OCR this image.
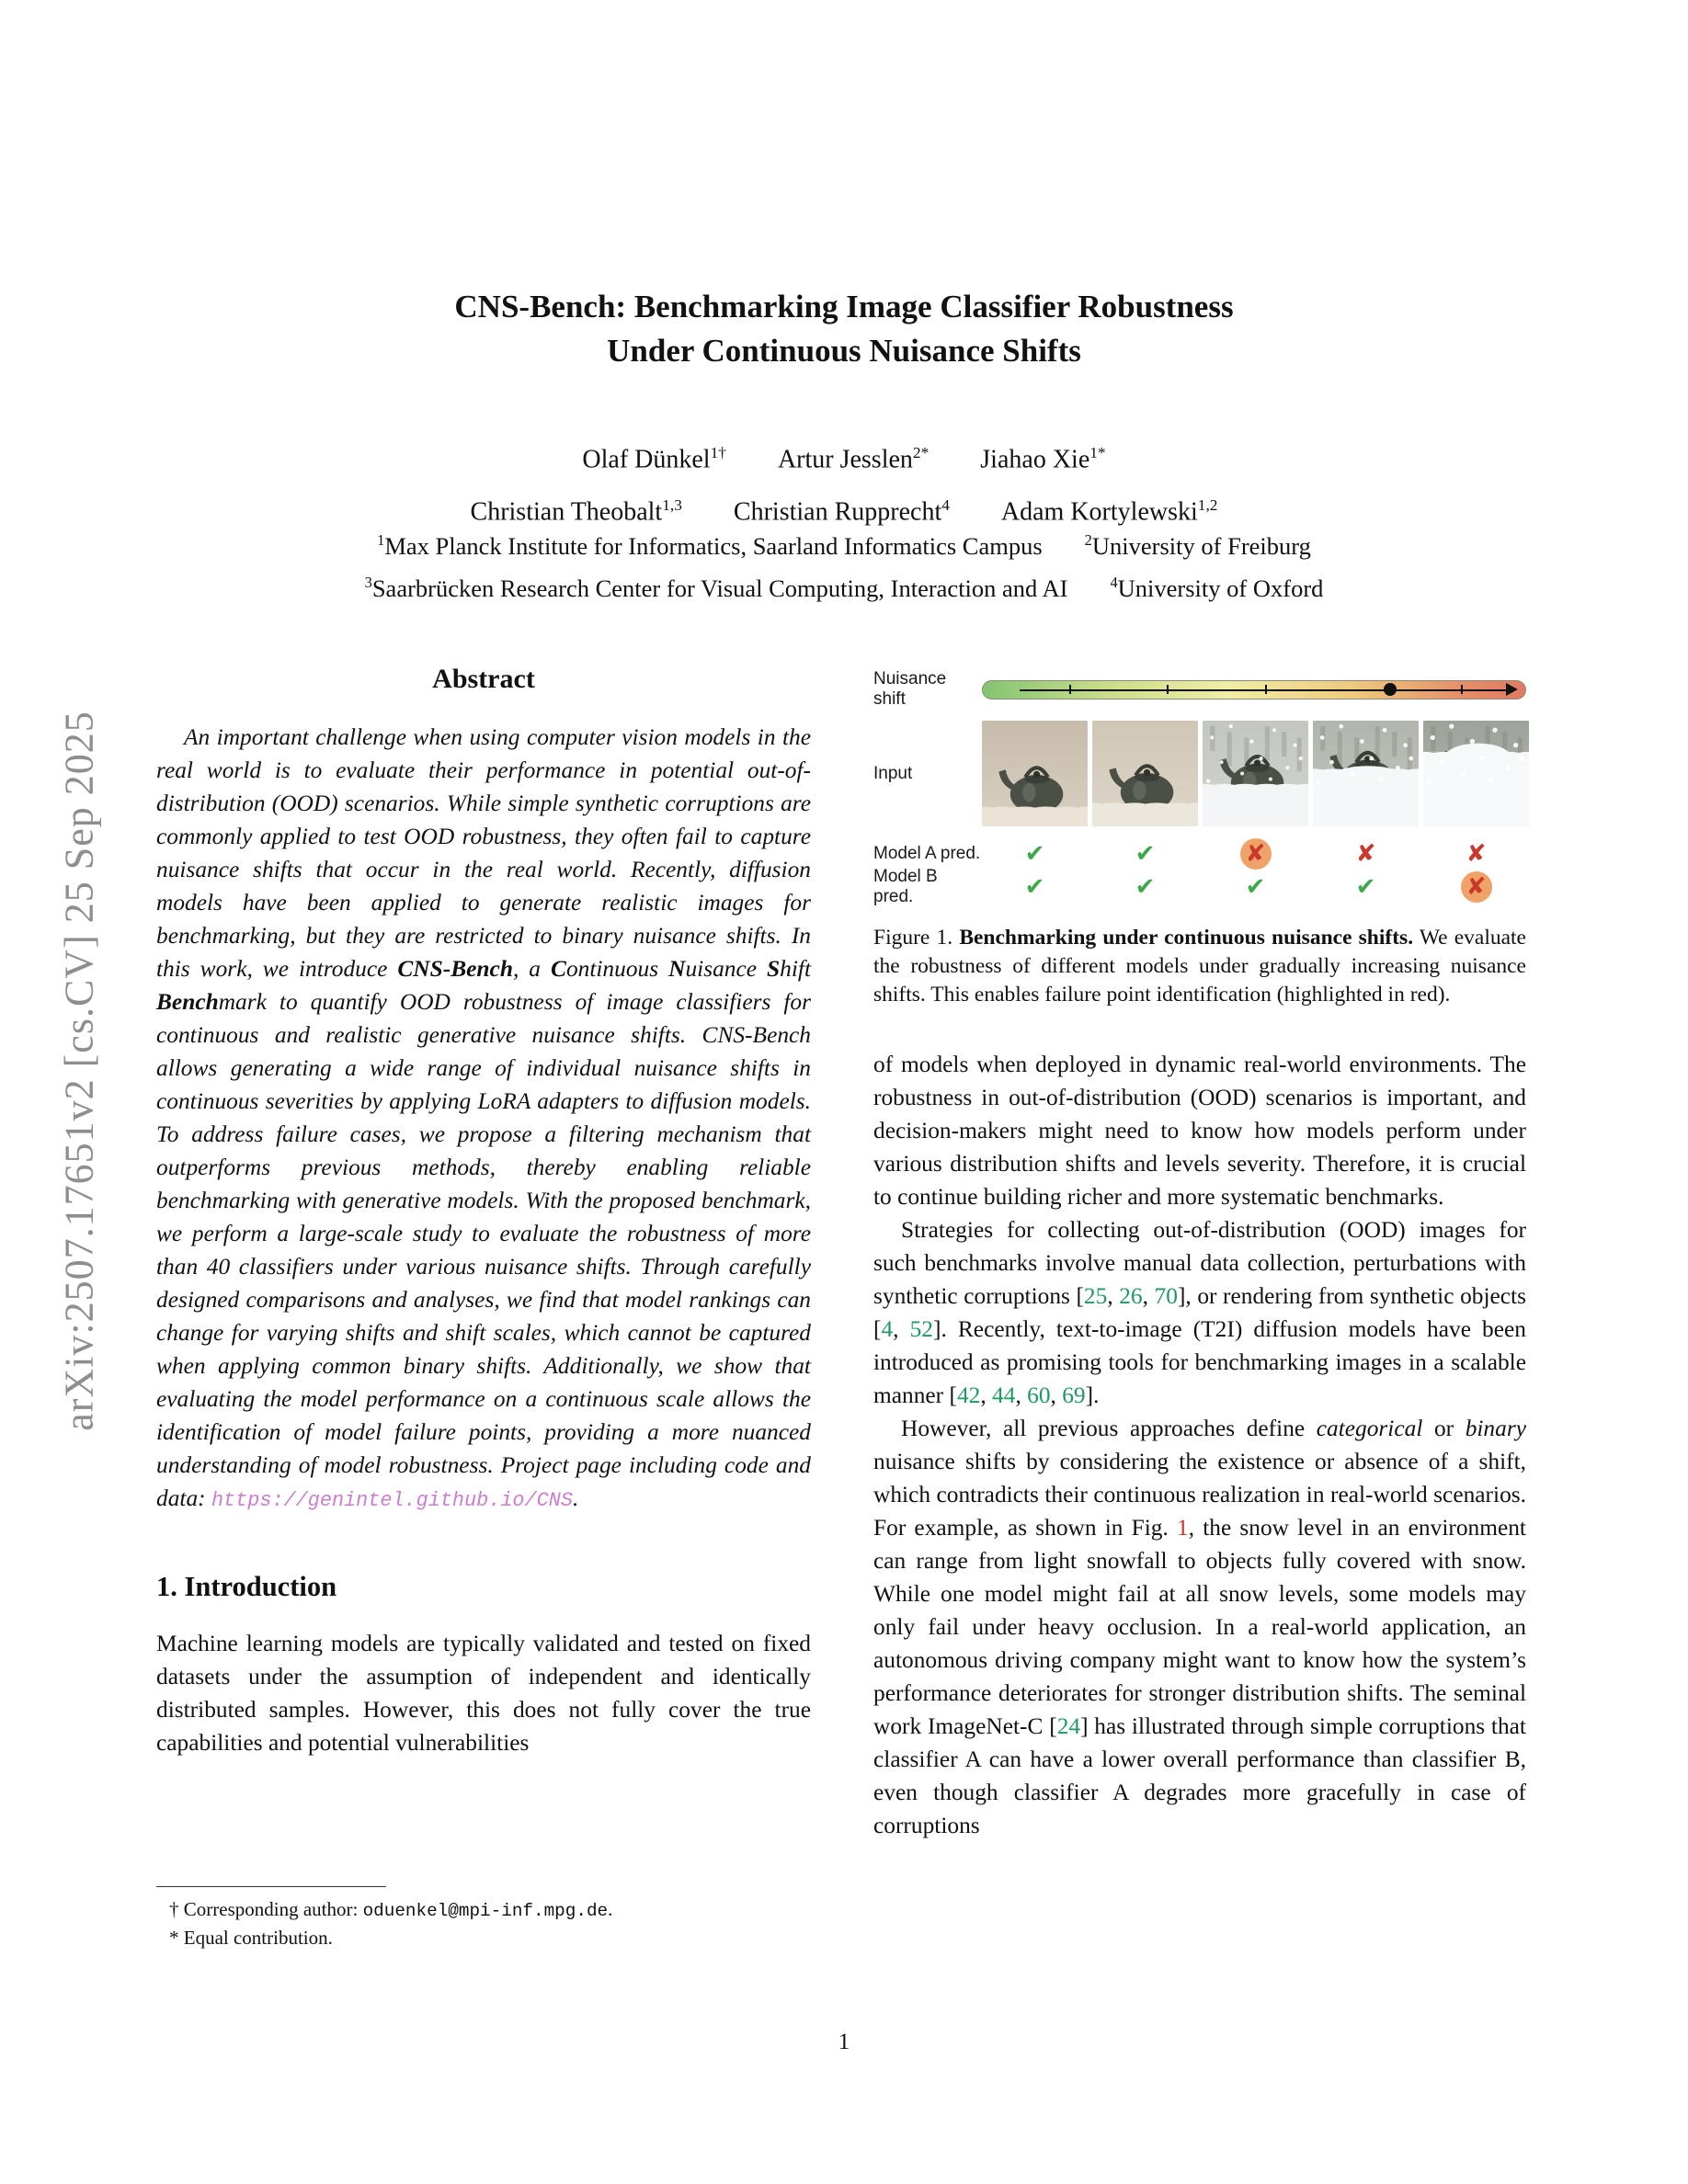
arXiv:2507.17651v2 [cs.CV] 25 Sep 2025
CNS-Bench: Benchmarking Image Classifier Robustness
Under Continuous Nuisance Shifts
Olaf Dünkel$^{1\dagger}$ Artur Jesslen$^{2*}$ Jiahao Xie$^{1*}$
Christian Theobalt$^{1,3}$ Christian Rupprecht$^4$ Adam Kortylewski$^{1,2}$
$^1$Max Planck Institute for Informatics, Saarland Informatics Campus	$^2$University of Freiburg
$^3$Saarbrücken Research Center for Visual Computing, Interaction and AI	$^4$University of Oxford
Abstract

An important challenge when using computer vision models in the real world is to evaluate their performance in potential out-of-distribution (OOD) scenarios. While simple synthetic corruptions are commonly applied to test OOD robustness, they often fail to capture nuisance shifts that occur in the real world. Recently, diffusion models have been applied to generate realistic images for benchmarking, but they are restricted to binary nuisance shifts. In this work, we introduce CNS-Bench, a Continuous Nuisance Shift Benchmark to quantify OOD robustness of image classifiers for continuous and realistic generative nuisance shifts. CNS-Bench allows generating a wide range of individual nuisance shifts in continuous severities by applying LoRA adapters to diffusion models. To address failure cases, we propose a filtering mechanism that outperforms previous methods, thereby enabling reliable benchmarking with generative models. With the proposed benchmark, we perform a large-scale study to evaluate the robustness of more than 40 classifiers under various nuisance shifts. Through carefully designed comparisons and analyses, we find that model rankings can change for varying shifts and shift scales, which cannot be captured when applying common binary shifts. Additionally, we show that evaluating the model performance on a continuous scale allows the identification of model failure points, providing a more nuanced understanding of model robustness. Project page including code and data: https://genintel.github.io/CNS.

1. Introduction

Machine learning models are typically validated and tested on fixed datasets under the assumption of independent and identically distributed samples. However, this does not fully cover the true capabilities and potential vulnerabilities

Nuisance shift
Input
Model A pred. ✔	✔	✘	✘	✘
Model B pred.	✔	✔	✔	✔	✘

Figure 1. Benchmarking under continuous nuisance shifts. We evaluate the robustness of different models under gradually increasing nuisance shifts. This enables failure point identification (highlighted in red).

of models when deployed in dynamic real-world environments. The robustness in out-of-distribution (OOD) scenarios is important, and decision-makers might need to know how models perform under various distribution shifts and levels severity. Therefore, it is crucial to continue building richer and more systematic benchmarks.

Strategies for collecting out-of-distribution (OOD) images for such benchmarks involve manual data collection, perturbations with synthetic corruptions [25, 26, 70], or rendering from synthetic objects [4, 52]. Recently, text-to-image (T2I) diffusion models have been introduced as promising tools for benchmarking images in a scalable manner [42, 44, 60, 69].

However, all previous approaches define categorical or binary nuisance shifts by considering the existence or absence of a shift, which contradicts their continuous realization in real-world scenarios. For example, as shown in Fig. 1, the snow level in an environment can range from light snowfall to objects fully covered with snow. While one model might fail at all snow levels, some models may only fail under heavy occlusion. In a real-world application, an autonomous driving company might want to know how the system’s performance deteriorates for stronger distribution shifts. The seminal work ImageNet-C [24] has illustrated through simple corruptions that classifier A can have a lower overall performance than classifier B, even though classifier A degrades more gracefully in case of corruptions

† Corresponding author: oduenkel@mpi-inf.mpg.de.

* Equal contribution.

1
